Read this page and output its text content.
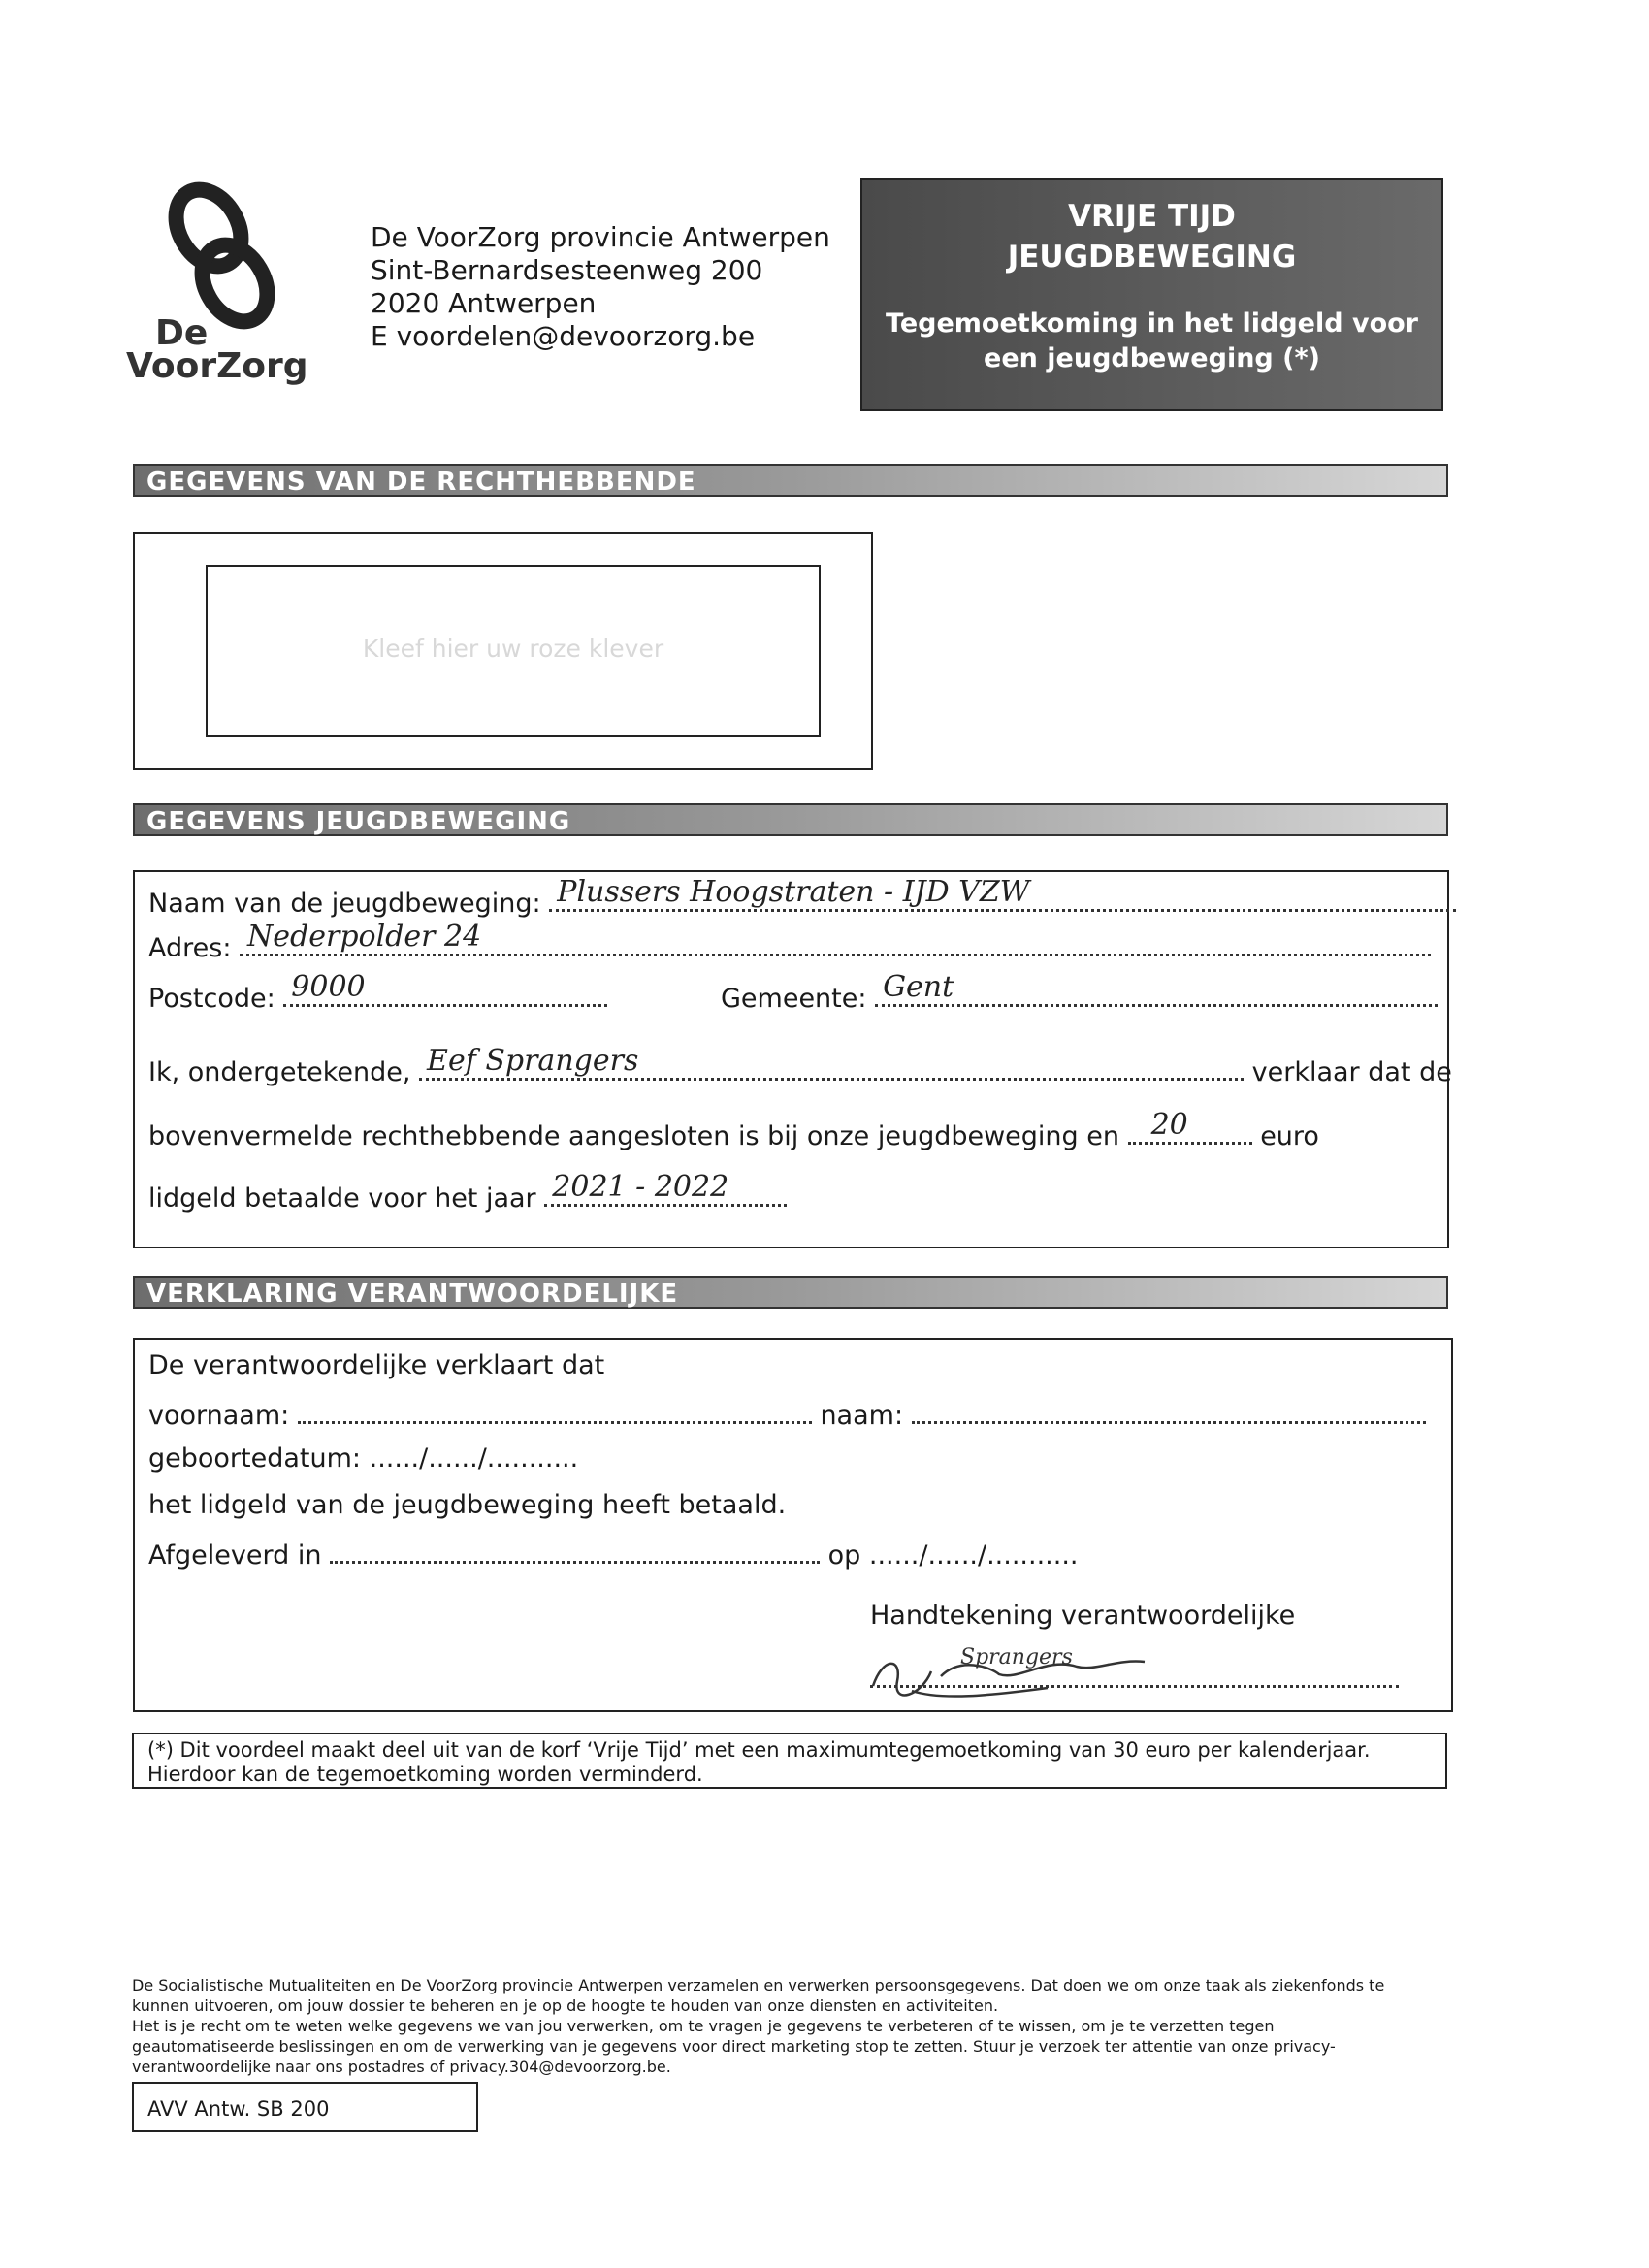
De
VoorZorg
De VoorZorg provincie Antwerpen
Sint-Bernardsesteenweg 200
2020 Antwerpen
E voordelen@devoorzorg.be
VRIJE TIJD
JEUGDBEWEGING
Tegemoetkoming in het lidgeld voor een jeugdbeweging (*)
GEGEVENS VAN DE RECHTHEBBENDE
Kleef hier uw roze klever
GEGEVENS JEUGDBEWEGING
Naam van de jeugdbeweging: Plussers Hoogstraten - IJD VZW
Adres: Nederpolder 24
Postcode: 9000	Gemeente: Gent
Ik, ondergetekende, Eef Sprangers	verklaar dat de
bovenvermelde rechthebbende aangesloten is bij onze jeugdbeweging en 20	euro
lidgeld betaalde voor het jaar 2021 - 2022
VERKLARING VERANTWOORDELIJKE
De verantwoordelijke verklaart dat
voornaam:	naam:
geboortedatum: ....../....../...........
het lidgeld van de jeugdbeweging heeft betaald.
Afgeleverd in	op ....../....../...........
Handtekening verantwoordelijke
Sprangers
(*) Dit voordeel maakt deel uit van de korf ‘Vrije Tijd’ met een maximumtegemoetkoming van 30 euro per kalenderjaar.
Hierdoor kan de tegemoetkoming worden verminderd.
De Socialistische Mutualiteiten en De VoorZorg provincie Antwerpen verzamelen en verwerken persoonsgegevens. Dat doen we om onze taak als ziekenfonds te
kunnen uitvoeren, om jouw dossier te beheren en je op de hoogte te houden van onze diensten en activiteiten.
Het is je recht om te weten welke gegevens we van jou verwerken, om te vragen je gegevens te verbeteren of te wissen, om je te verzetten tegen
geautomatiseerde beslissingen en om de verwerking van je gegevens voor direct marketing stop te zetten. Stuur je verzoek ter attentie van onze privacy-
verantwoordelijke naar ons postadres of privacy.304@devoorzorg.be.
AVV Antw. SB 200
